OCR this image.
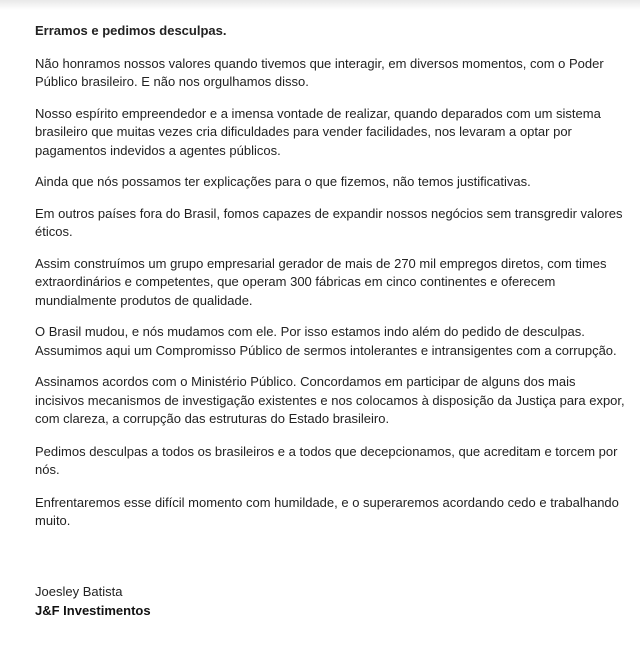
Erramos e pedimos desculpas.

Não honramos nossos valores quando tivemos que interagir, em diversos momentos, com o Poder Público brasileiro. E não nos orgulhamos disso.

Nosso espírito empreendedor e a imensa vontade de realizar, quando deparados com um sistema brasileiro que muitas vezes cria dificuldades para vender facilidades, nos levaram a optar por pagamentos indevidos a agentes públicos.

Ainda que nós possamos ter explicações para o que fizemos, não temos justificativas.

Em outros países fora do Brasil, fomos capazes de expandir nossos negócios sem transgredir valores éticos.

Assim construímos um grupo empresarial gerador de mais de 270 mil empregos diretos, com times extraordinários e competentes, que operam 300 fábricas em cinco continentes e oferecem mundialmente produtos de qualidade.

O Brasil mudou, e nós mudamos com ele. Por isso estamos indo além do pedido de desculpas. Assumimos aqui um Compromisso Público de sermos intolerantes e intransigentes com a corrupção.

Assinamos acordos com o Ministério Público. Concordamos em participar de alguns dos mais incisivos mecanismos de investigação existentes e nos colocamos à disposição da Justiça para expor, com clareza, a corrupção das estruturas do Estado brasileiro.

Pedimos desculpas a todos os brasileiros e a todos que decepcionamos, que acreditam e torcem por nós.

Enfrentaremos esse difícil momento com humildade, e o superaremos acordando cedo e trabalhando muito.

Joesley Batista
J&F Investimentos
